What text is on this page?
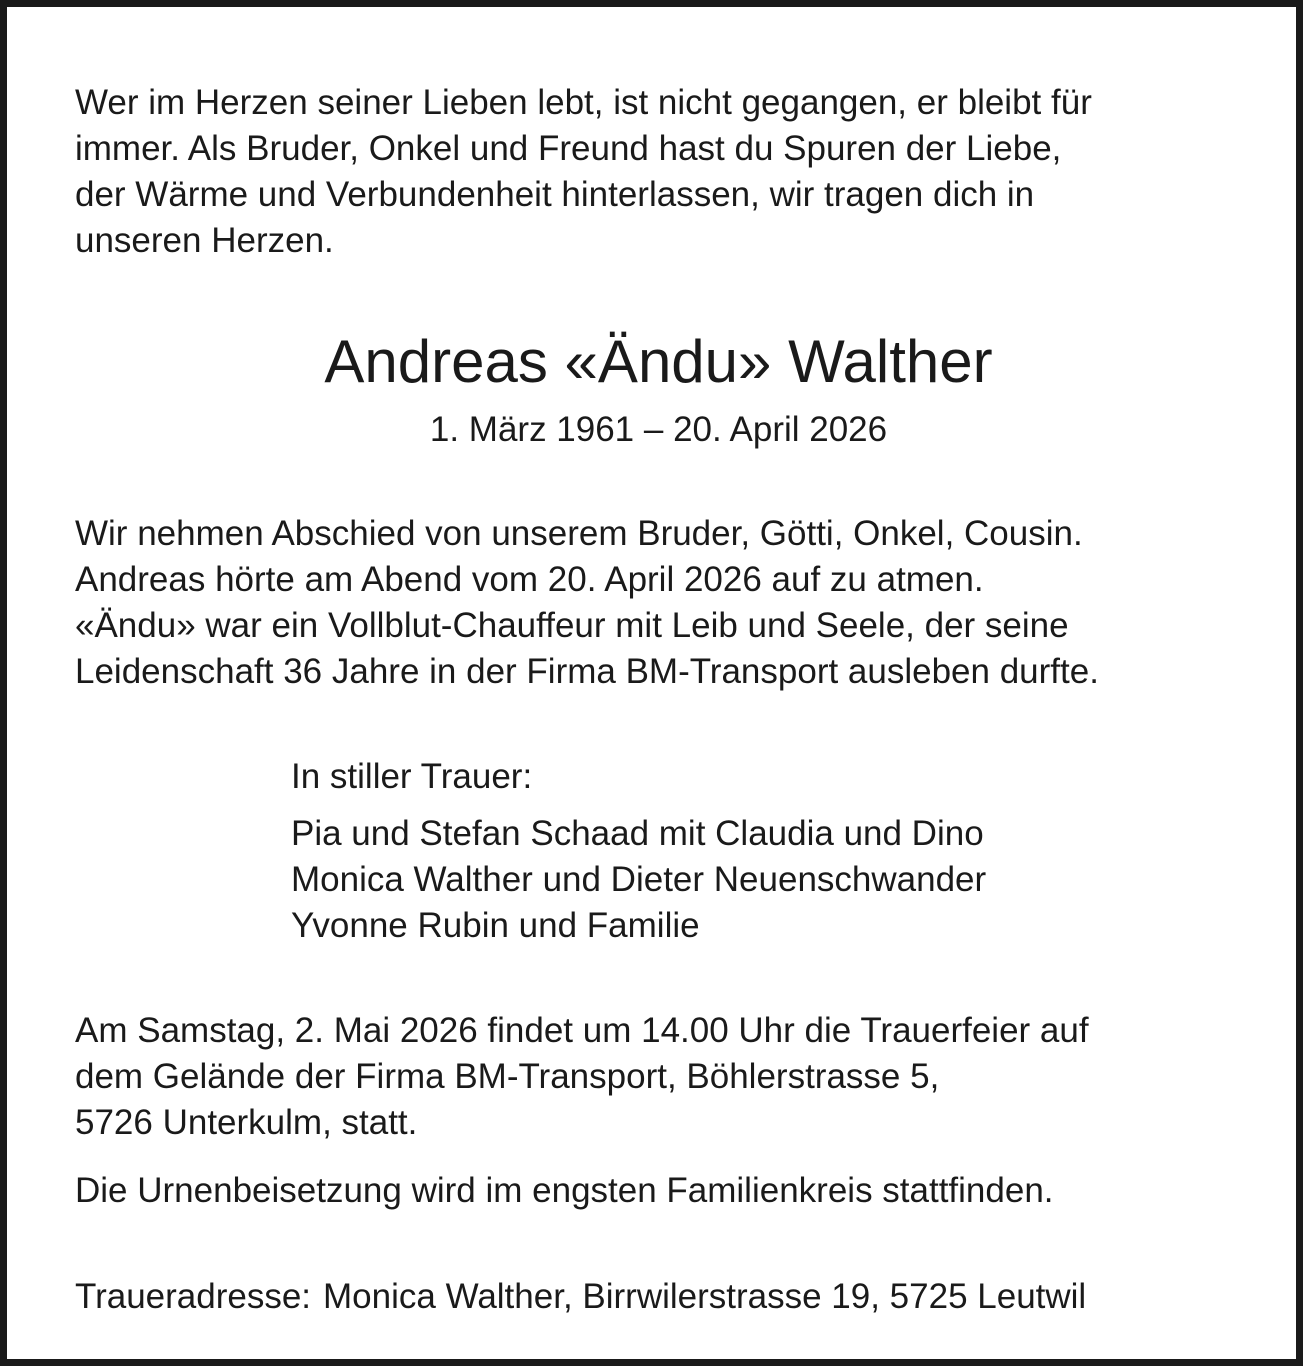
Wer im Herzen seiner Lieben lebt, ist nicht gegangen, er bleibt für
immer. Als Bruder, Onkel und Freund hast du Spuren der Liebe,
der Wärme und Verbundenheit hinterlassen, wir tragen dich in
unseren Herzen.
Andreas «Ändu» Walther
1. März 1961 – 20. April 2026
Wir nehmen Abschied von unserem Bruder, Götti, Onkel, Cousin.
Andreas hörte am Abend vom 20. April 2026 auf zu atmen.
«Ändu» war ein Vollblut-Chauffeur mit Leib und Seele, der seine
Leidenschaft 36 Jahre in der Firma BM-Transport ausleben durfte.
In stiller Trauer:
Pia und Stefan Schaad mit Claudia und Dino
Monica Walther und Dieter Neuenschwander
Yvonne Rubin und Familie
Am Samstag, 2. Mai 2026 findet um 14.00 Uhr die Trauerfeier auf
dem Gelände der Firma BM-Transport, Böhlerstrasse 5,
5726 Unterkulm, statt.
Die Urnenbeisetzung wird im engsten Familienkreis stattfinden.
Traueradresse: Monica Walther, Birrwilerstrasse 19, 5725 Leutwil
